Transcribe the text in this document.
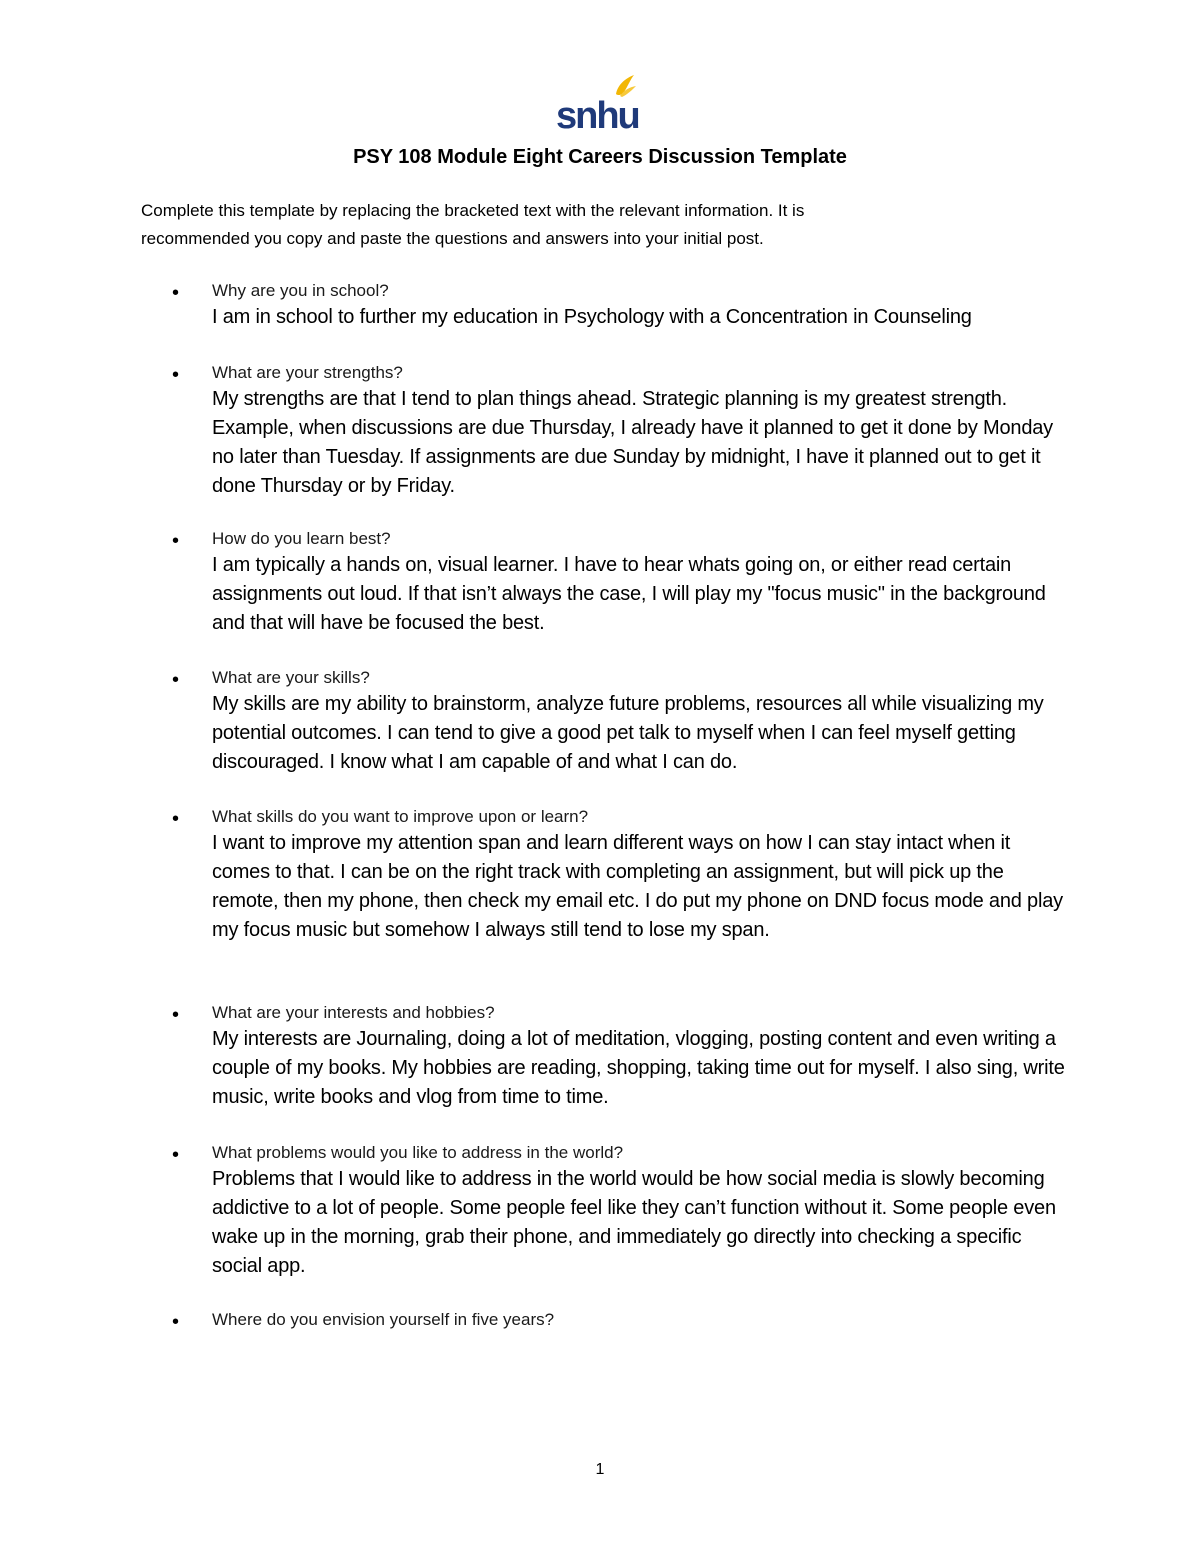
snhu
PSY 108 Module Eight Careers Discussion Template
Complete this template by replacing the bracketed text with the relevant information. It is
recommended you copy and paste the questions and answers into your initial post.
• Why are you in school?
I am in school to further my education in Psychology with a Concentration in Counseling
• What are your strengths?
My strengths are that I tend to plan things ahead. Strategic planning is my greatest strength. Example, when discussions are due Thursday, I already have it planned to get it done by Monday no later than Tuesday. If assignments are due Sunday by midnight, I have it planned out to get it done Thursday or by Friday.
• How do you learn best?
I am typically a hands on, visual learner. I have to hear whats going on, or either read certain assignments out loud. If that isn’t always the case, I will play my "focus music" in the background and that will have be focused the best.
• What are your skills?
My skills are my ability to brainstorm, analyze future problems, resources all while visualizing my potential outcomes. I can tend to give a good pet talk to myself when I can feel myself getting discouraged. I know what I am capable of and what I can do.
• What skills do you want to improve upon or learn?
I want to improve my attention span and learn different ways on how I can stay intact when it comes to that. I can be on the right track with completing an assignment, but will pick up the remote, then my phone, then check my email etc. I do put my phone on DND focus mode and play my focus music but somehow I always still tend to lose my span.
• What are your interests and hobbies?
My interests are Journaling, doing a lot of meditation, vlogging, posting content and even writing a couple of my books. My hobbies are reading, shopping, taking time out for myself. I also sing, write music, write books and vlog from time to time.
• What problems would you like to address in the world?
Problems that I would like to address in the world would be how social media is slowly becoming addictive to a lot of people. Some people feel like they can’t function without it. Some people even wake up in the morning, grab their phone, and immediately go directly into checking a specific social app.
• Where do you envision yourself in five years?
1
